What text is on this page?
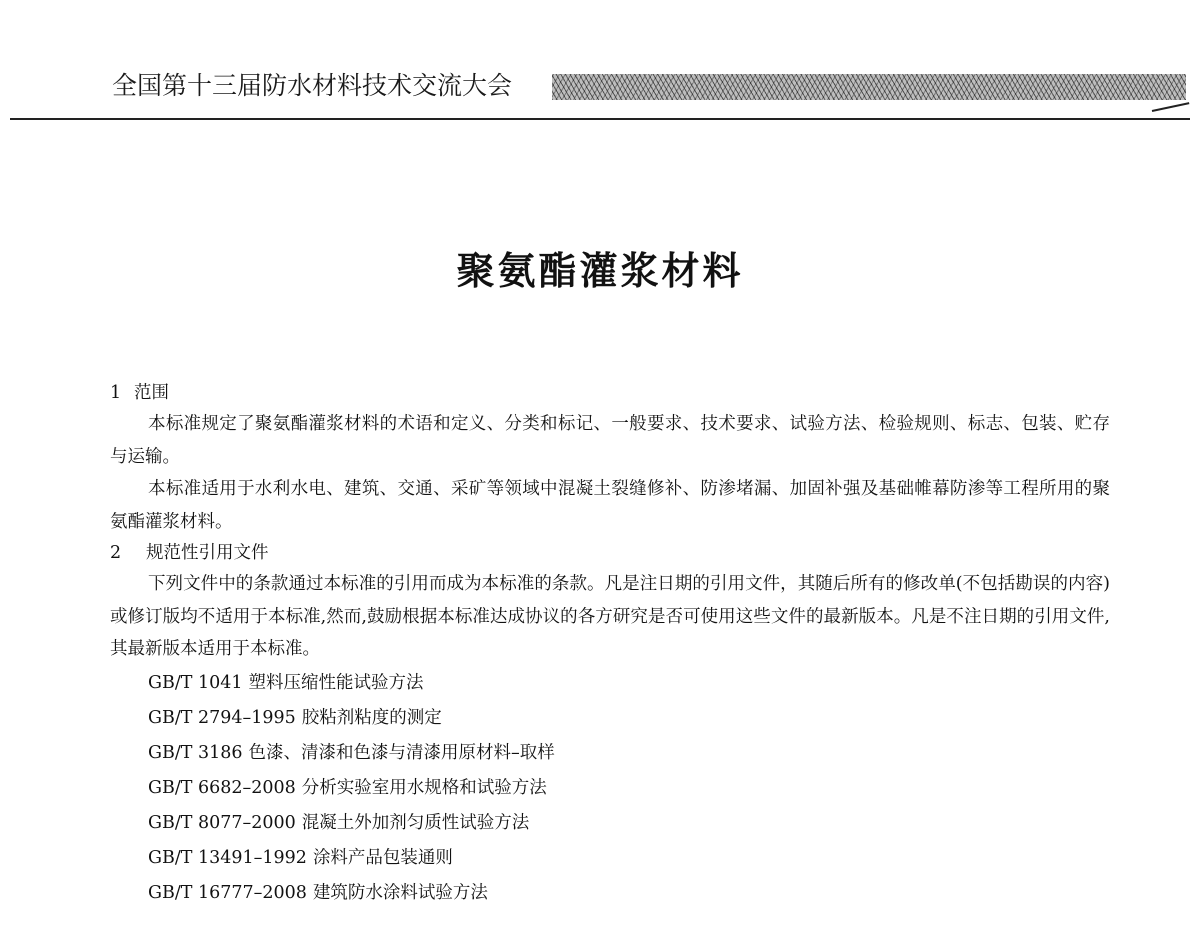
全国第十三届防水材料技术交流大会
聚氨酯灌浆材料
1 范围

本标准规定了聚氨酯灌浆材料的术语和定义、分类和标记、一般要求、技术要求、试验方法、检验规则、标志、包装、贮存与运输。

本标准适用于水利水电、建筑、交通、采矿等领域中混凝土裂缝修补、防渗堵漏、加固补强及基础帷幕防渗等工程所用的聚氨酯灌浆材料。

2 规范性引用文件

下列文件中的条款通过本标准的引用而成为本标准的条款。凡是注日期的引用文件，其随后所有的修改单(不包括勘误的内容)或修订版均不适用于本标准,然而,鼓励根据本标准达成协议的各方研究是否可使用这些文件的最新版本。凡是不注日期的引用文件,其最新版本适用于本标准。

GB/T 1041 塑料压缩性能试验方法
GB/T 2794–1995 胶粘剂粘度的测定
GB/T 3186 色漆、清漆和色漆与清漆用原材料–取样
GB/T 6682–2008 分析实验室用水规格和试验方法
GB/T 8077–2000 混凝土外加剂匀质性试验方法
GB/T 13491–1992 涂料产品包装通则
GB/T 16777–2008 建筑防水涂料试验方法
